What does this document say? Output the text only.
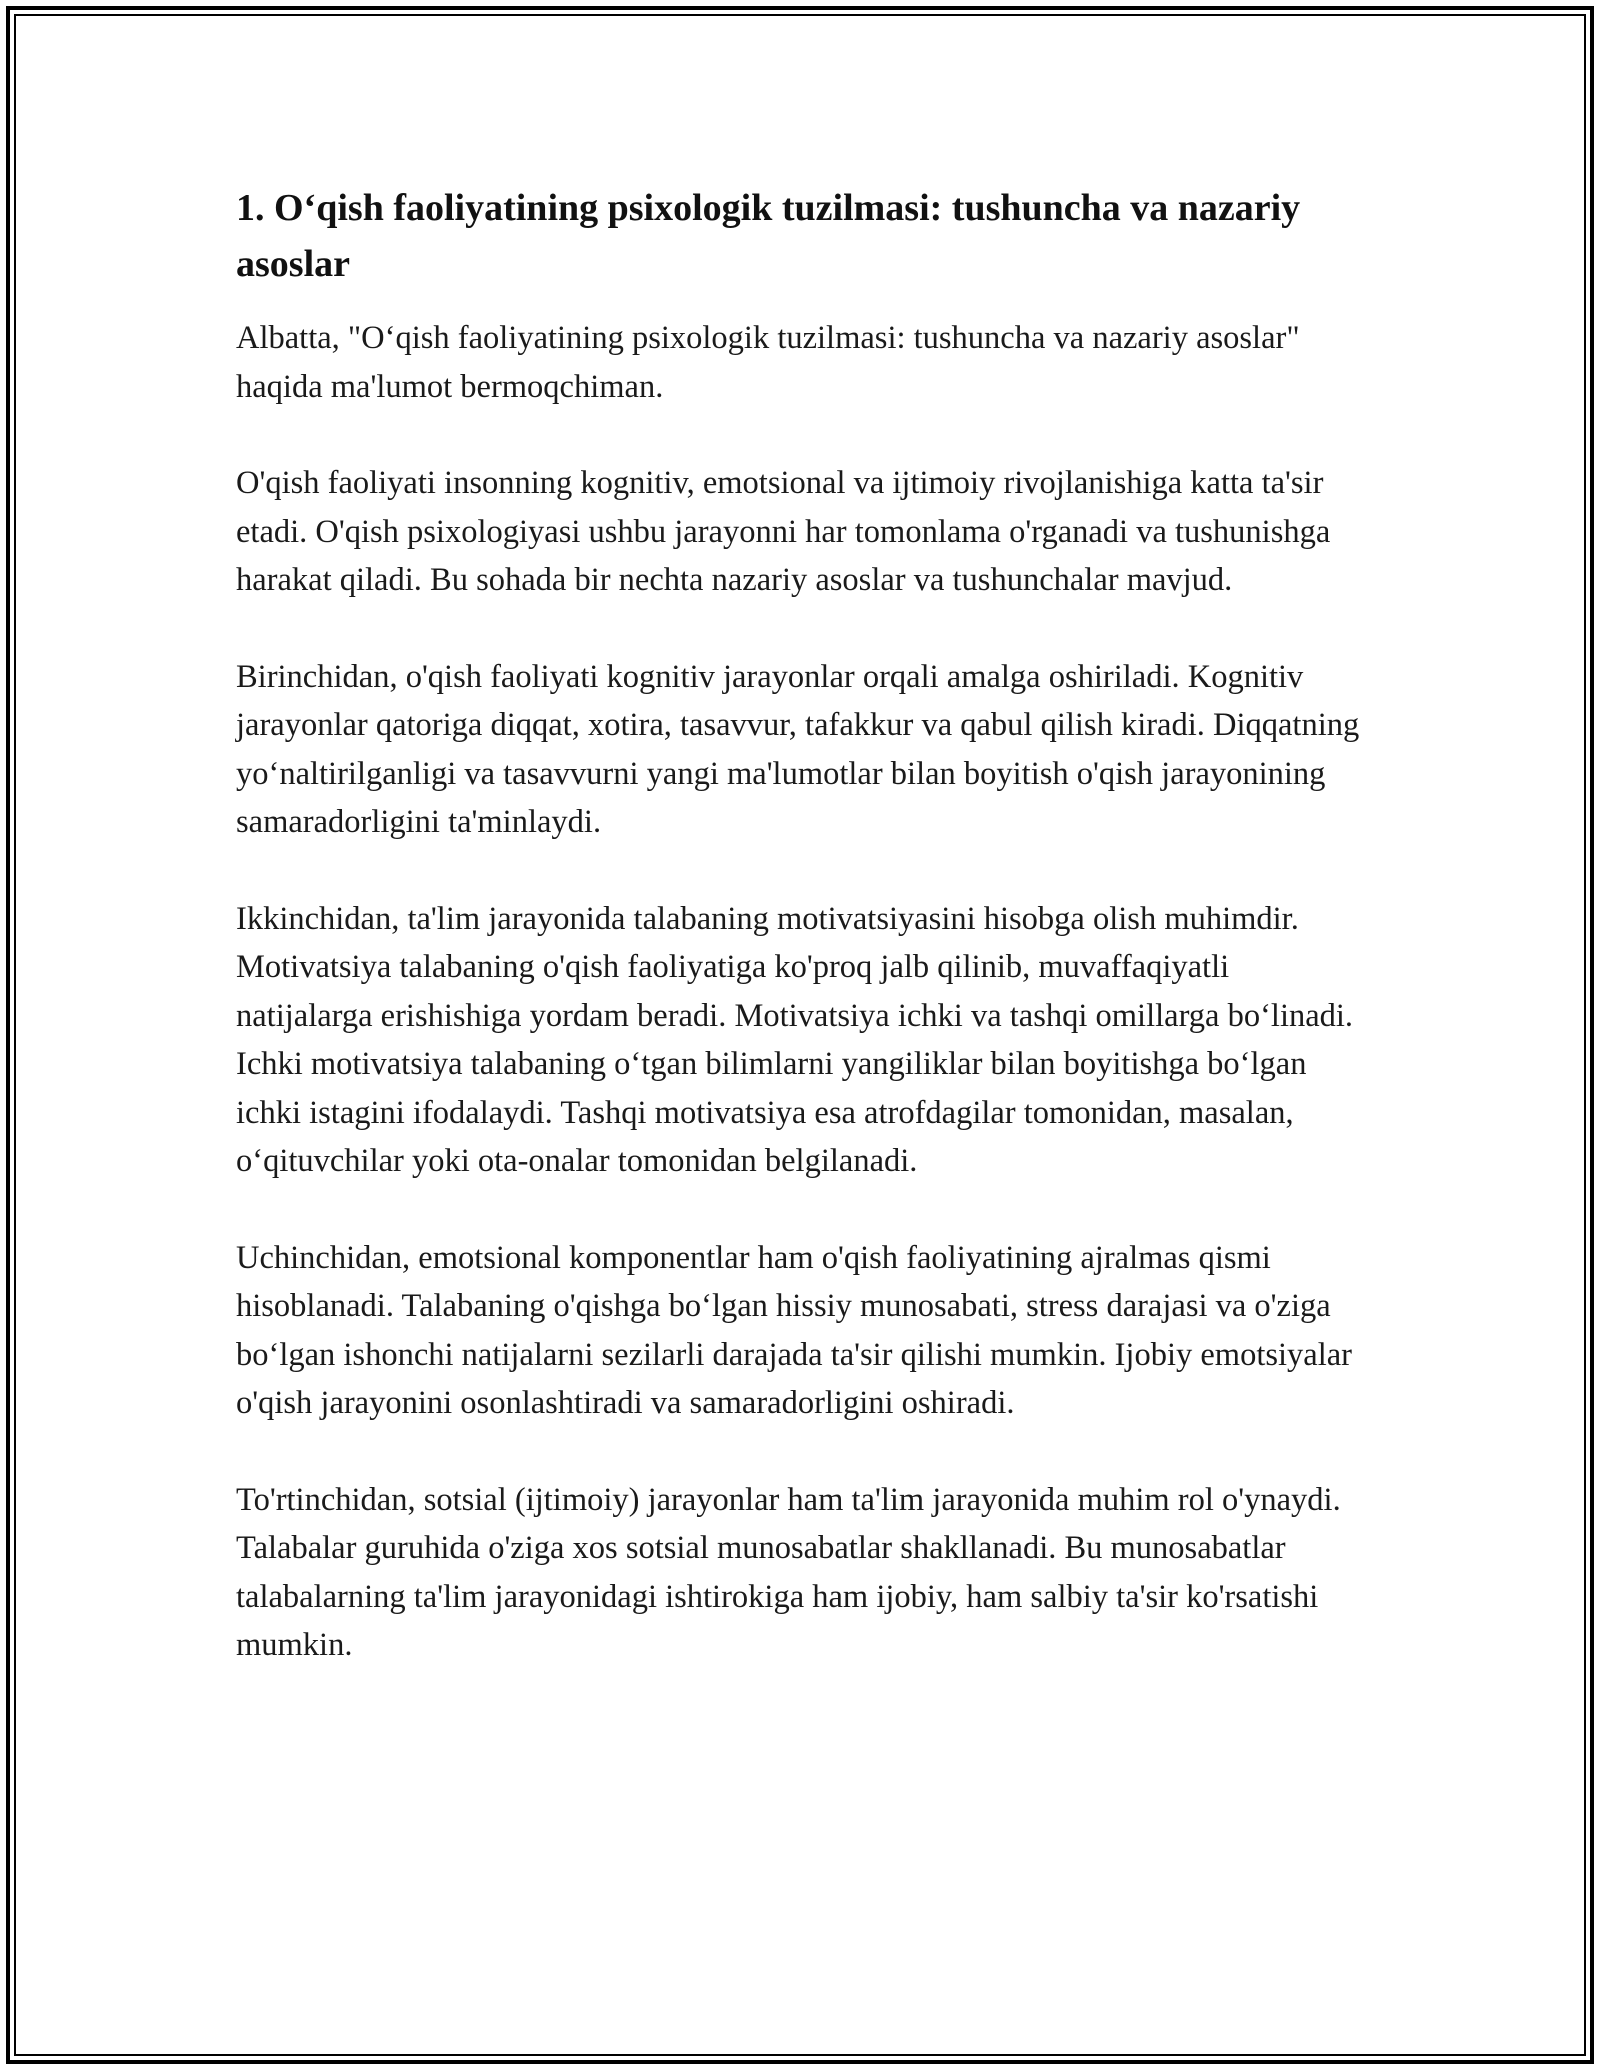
1. O‘qish faoliyatining psixologik tuzilmasi: tushuncha va nazariy asoslar

Albatta, "O‘qish faoliyatining psixologik tuzilmasi: tushuncha va nazariy asoslar" haqida ma'lumot bermoqchiman.

O'qish faoliyati insonning kognitiv, emotsional va ijtimoiy rivojlanishiga katta ta'sir etadi. O'qish psixologiyasi ushbu jarayonni har tomonlama o'rganadi va tushunishga harakat qiladi. Bu sohada bir nechta nazariy asoslar va tushunchalar mavjud.

Birinchidan, o'qish faoliyati kognitiv jarayonlar orqali amalga oshiriladi. Kognitiv jarayonlar qatoriga diqqat, xotira, tasavvur, tafakkur va qabul qilish kiradi. Diqqatning yo‘naltirilganligi va tasavvurni yangi ma'lumotlar bilan boyitish o'qish jarayonining samaradorligini ta'minlaydi.

Ikkinchidan, ta'lim jarayonida talabaning motivatsiyasini hisobga olish muhimdir. Motivatsiya talabaning o'qish faoliyatiga ko'proq jalb qilinib, muvaffaqiyatli natijalarga erishishiga yordam beradi. Motivatsiya ichki va tashqi omillarga bo‘linadi. Ichki motivatsiya talabaning o‘tgan bilimlarni yangiliklar bilan boyitishga bo‘lgan ichki istagini ifodalaydi. Tashqi motivatsiya esa atrofdagilar tomonidan, masalan, o‘qituvchilar yoki ota-onalar tomonidan belgilanadi.

Uchinchidan, emotsional komponentlar ham o'qish faoliyatining ajralmas qismi hisoblanadi. Talabaning o'qishga bo‘lgan hissiy munosabati, stress darajasi va o'ziga bo‘lgan ishonchi natijalarni sezilarli darajada ta'sir qilishi mumkin. Ijobiy emotsiyalar o'qish jarayonini osonlashtiradi va samaradorligini oshiradi.

To'rtinchidan, sotsial (ijtimoiy) jarayonlar ham ta'lim jarayonida muhim rol o'ynaydi. Talabalar guruhida o'ziga xos sotsial munosabatlar shakllanadi. Bu munosabatlar talabalarning ta'lim jarayonidagi ishtirokiga ham ijobiy, ham salbiy ta'sir ko'rsatishi mumkin.
